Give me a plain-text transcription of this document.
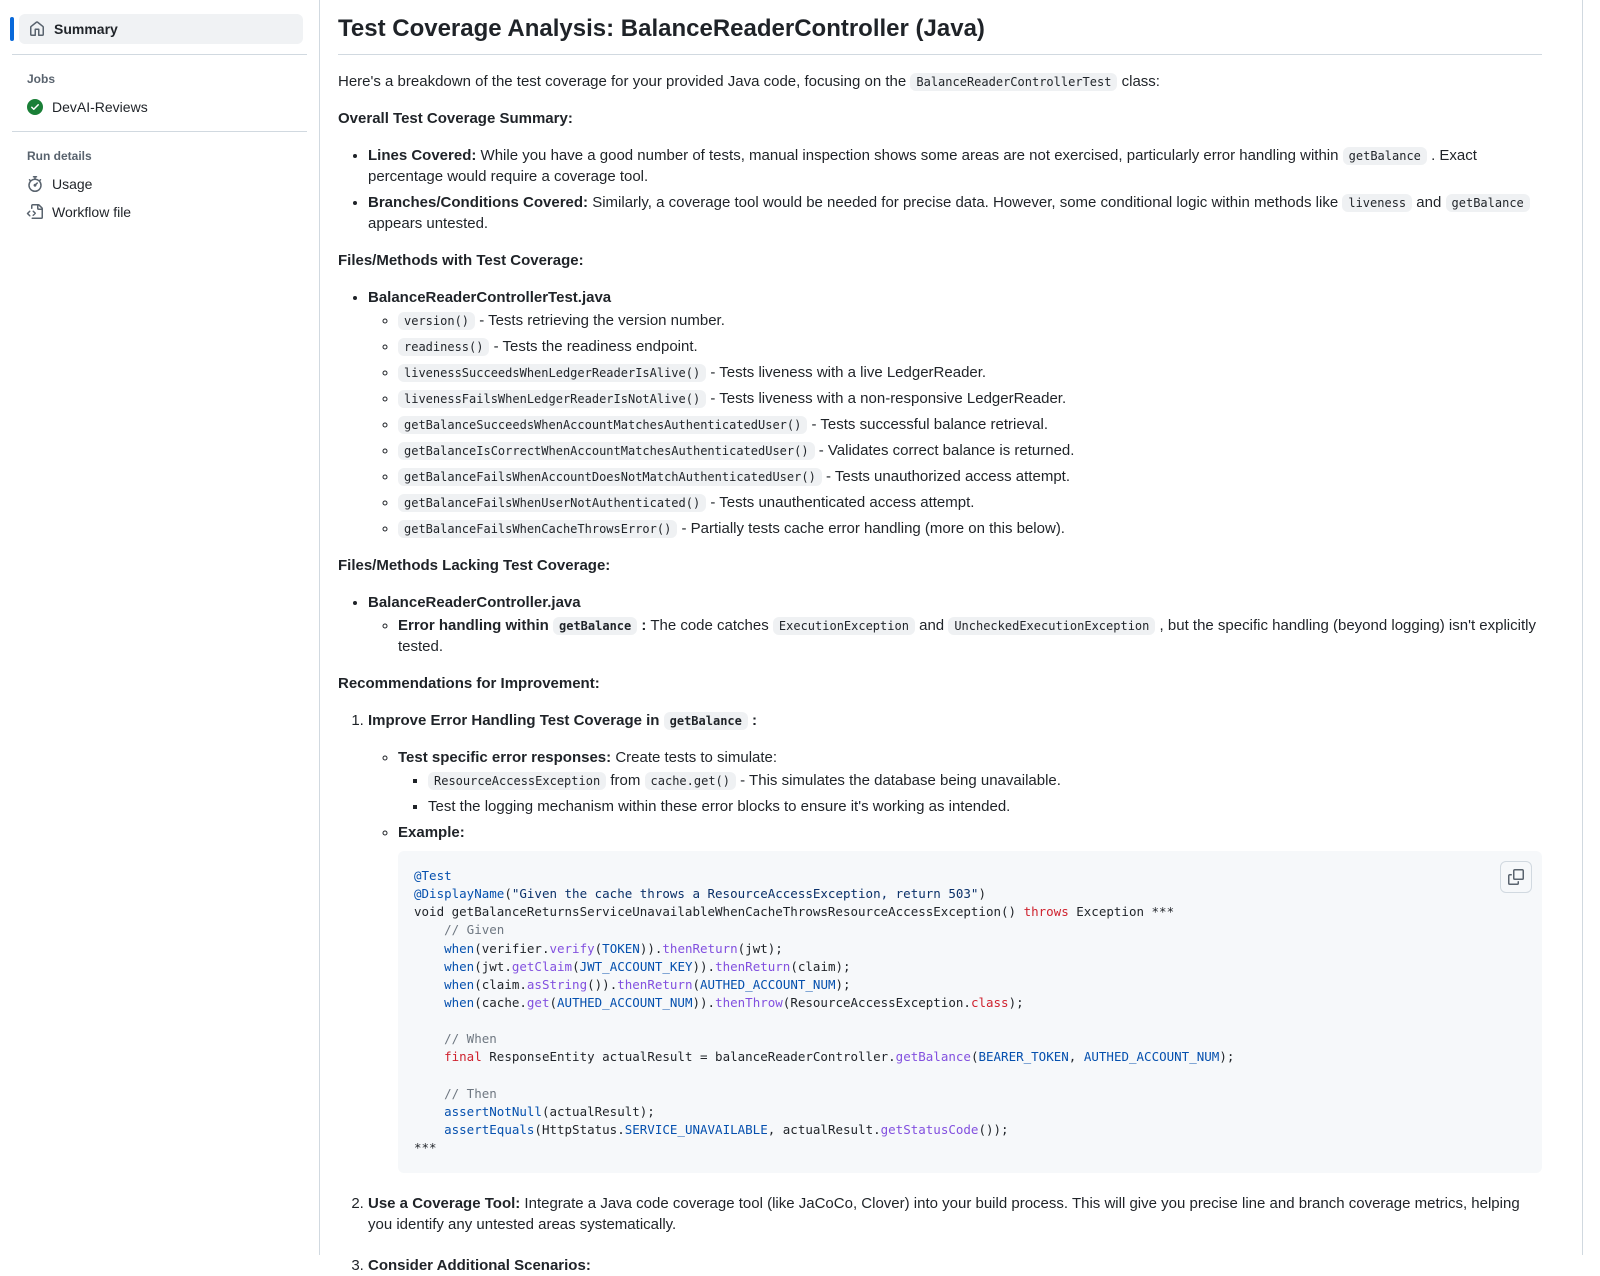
Summary
Jobs
DevAI-Reviews
Run details
Usage
Workflow file
Test Coverage Analysis: BalanceReaderController (Java)

Here's a breakdown of the test coverage for your provided Java code, focusing on the BalanceReaderControllerTest class:

Overall Test Coverage Summary:

• Lines Covered: While you have a good number of tests, manual inspection shows some areas are not exercised, particularly error handling within getBalance . Exact percentage would require a coverage tool.
• Branches/Conditions Covered: Similarly, a coverage tool would be needed for precise data. However, some conditional logic within methods like liveness and getBalance appears untested.

Files/Methods with Test Coverage:

• BalanceReaderControllerTest.java
◦ version() - Tests retrieving the version number.
◦ readiness() - Tests the readiness endpoint.
◦ livenessSucceedsWhenLedgerReaderIsAlive() - Tests liveness with a live LedgerReader.
◦ livenessFailsWhenLedgerReaderIsNotAlive() - Tests liveness with a non-responsive LedgerReader.
◦ getBalanceSucceedsWhenAccountMatchesAuthenticatedUser() - Tests successful balance retrieval.
◦ getBalanceIsCorrectWhenAccountMatchesAuthenticatedUser() - Validates correct balance is returned.
◦ getBalanceFailsWhenAccountDoesNotMatchAuthenticatedUser() - Tests unauthorized access attempt.
◦ getBalanceFailsWhenUserNotAuthenticated() - Tests unauthenticated access attempt.
◦ getBalanceFailsWhenCacheThrowsError() - Partially tests cache error handling (more on this below).

Files/Methods Lacking Test Coverage:

• BalanceReaderController.java
◦ Error handling within getBalance : The code catches ExecutionException and UncheckedExecutionException , but the specific handling (beyond logging) isn't explicitly tested.

Recommendations for Improvement:

1. Improve Error Handling Test Coverage in getBalance :
◦ Test specific error responses: Create tests to simulate:
▪ ResourceAccessException from cache.get() - This simulates the database being unavailable.
▪ Test the logging mechanism within these error blocks to ensure it's working as intended.
◦ Example:
@Test
@DisplayName("Given the cache throws a ResourceAccessException, return 503")
void getBalanceReturnsServiceUnavailableWhenCacheThrowsResourceAccessException() throws Exception ***
// Given
when(verifier.verify(TOKEN)).thenReturn(jwt);
when(jwt.getClaim(JWT_ACCOUNT_KEY)).thenReturn(claim);
when(claim.asString()).thenReturn(AUTHED_ACCOUNT_NUM);
when(cache.get(AUTHED_ACCOUNT_NUM)).thenThrow(ResourceAccessException.class);

// When
final ResponseEntity actualResult = balanceReaderController.getBalance(BEARER_TOKEN, AUTHED_ACCOUNT_NUM);

// Then
assertNotNull(actualResult);
assertEquals(HttpStatus.SERVICE_UNAVAILABLE, actualResult.getStatusCode());
***

2. Use a Coverage Tool: Integrate a Java code coverage tool (like JaCoCo, Clover) into your build process. This will give you precise line and branch coverage metrics, helping you identify any untested areas systematically.
3. Consider Additional Scenarios:
